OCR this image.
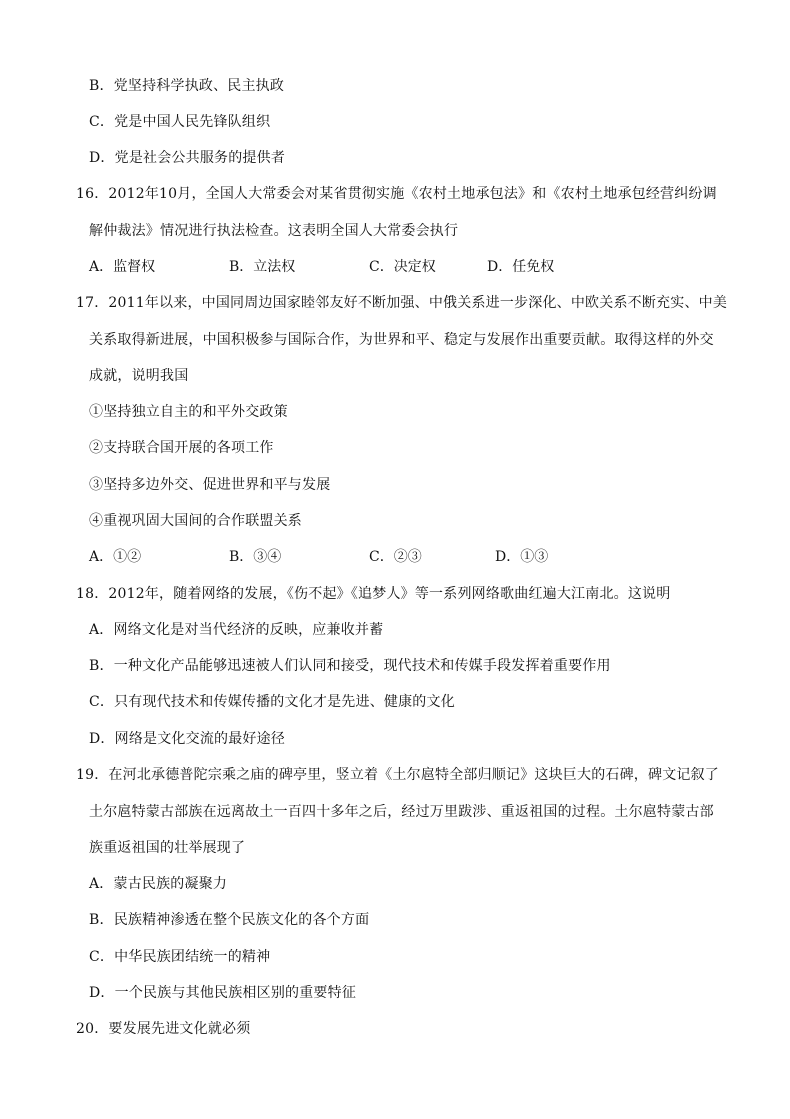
B．党坚持科学执政、民主执政
C．党是中国人民先锋队组织
D．党是社会公共服务的提供者
16．2012年10月，全国人大常委会对某省贯彻实施《农村土地承包法》和《农村土地承包经营纠纷调
解仲裁法》情况进行执法检查。这表明全国人大常委会执行
A．监督权	B．立法权	C．决定权	D．任免权
17．2011年以来，中国同周边国家睦邻友好不断加强、中俄关系进一步深化、中欧关系不断充实、中美
关系取得新进展，中国积极参与国际合作，为世界和平、稳定与发展作出重要贡献。取得这样的外交
成就，说明我国
①坚持独立自主的和平外交政策
②支持联合国开展的各项工作
③坚持多边外交、促进世界和平与发展
④重视巩固大国间的合作联盟关系
A．①②	B．③④	C．②③	D．①③
18．2012年，随着网络的发展，《伤不起》《追梦人》等一系列网络歌曲红遍大江南北。这说明
A．网络文化是对当代经济的反映，应兼收并蓄
B．一种文化产品能够迅速被人们认同和接受，现代技术和传媒手段发挥着重要作用
C．只有现代技术和传媒传播的文化才是先进、健康的文化
D．网络是文化交流的最好途径
19．在河北承德普陀宗乘之庙的碑亭里，竖立着《土尔扈特全部归顺记》这块巨大的石碑，碑文记叙了
土尔扈特蒙古部族在远离故土一百四十多年之后，经过万里跋涉、重返祖国的过程。土尔扈特蒙古部
族重返祖国的壮举展现了
A．蒙古民族的凝聚力
B．民族精神渗透在整个民族文化的各个方面
C．中华民族团结统一的精神
D．一个民族与其他民族相区别的重要特征
20．要发展先进文化就必须
